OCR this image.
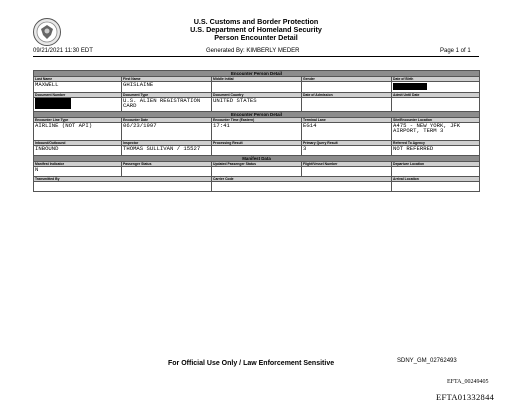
U.S. Customs and Border Protection
U.S. Department of Homeland Security
Person Encounter Detail
09/21/2021 11:30 EDT	Generated By: KIMBERLY MEDER	Page 1 of 1
Encounter Person Detail				
Last Name	First Name	Middle Initial	Gender	Date of Birth
MAXWELL	GHISLAINE			
Document Number	Document Type	Document Country	Date of Admission	Admit Until Date
	U.S. ALIEN REGISTRATION CARD	UNITED STATES		
Encounter Person Detail				
Encounter Line Type	Encounter Date	Encounter Time (Eastern)	Terminal Lane	Site/Encounter Location
AIRLINE (NOT API)	06/23/1997	17:41	EG14	A475 - NEW YORK, JFK AIRPORT, TERM 3
Inbound/Outbound	Inspector	Processing Result	Primary Query Result	Referred To Agency
INBOUND	THOMAS SULLIVAN / 15527		3	NOT REFERRED
Manifest Data				
Manifest Indicator	Passenger Status	Updated Passenger Status	Flight/Vessel Number	Departure Location
N				
Transmitted By		Carrier Code		Arrival Location

For Official Use Only / Law Enforcement Sensitive	SDNY_GM_02762493
EFTA_00249405
EFTA01332844
